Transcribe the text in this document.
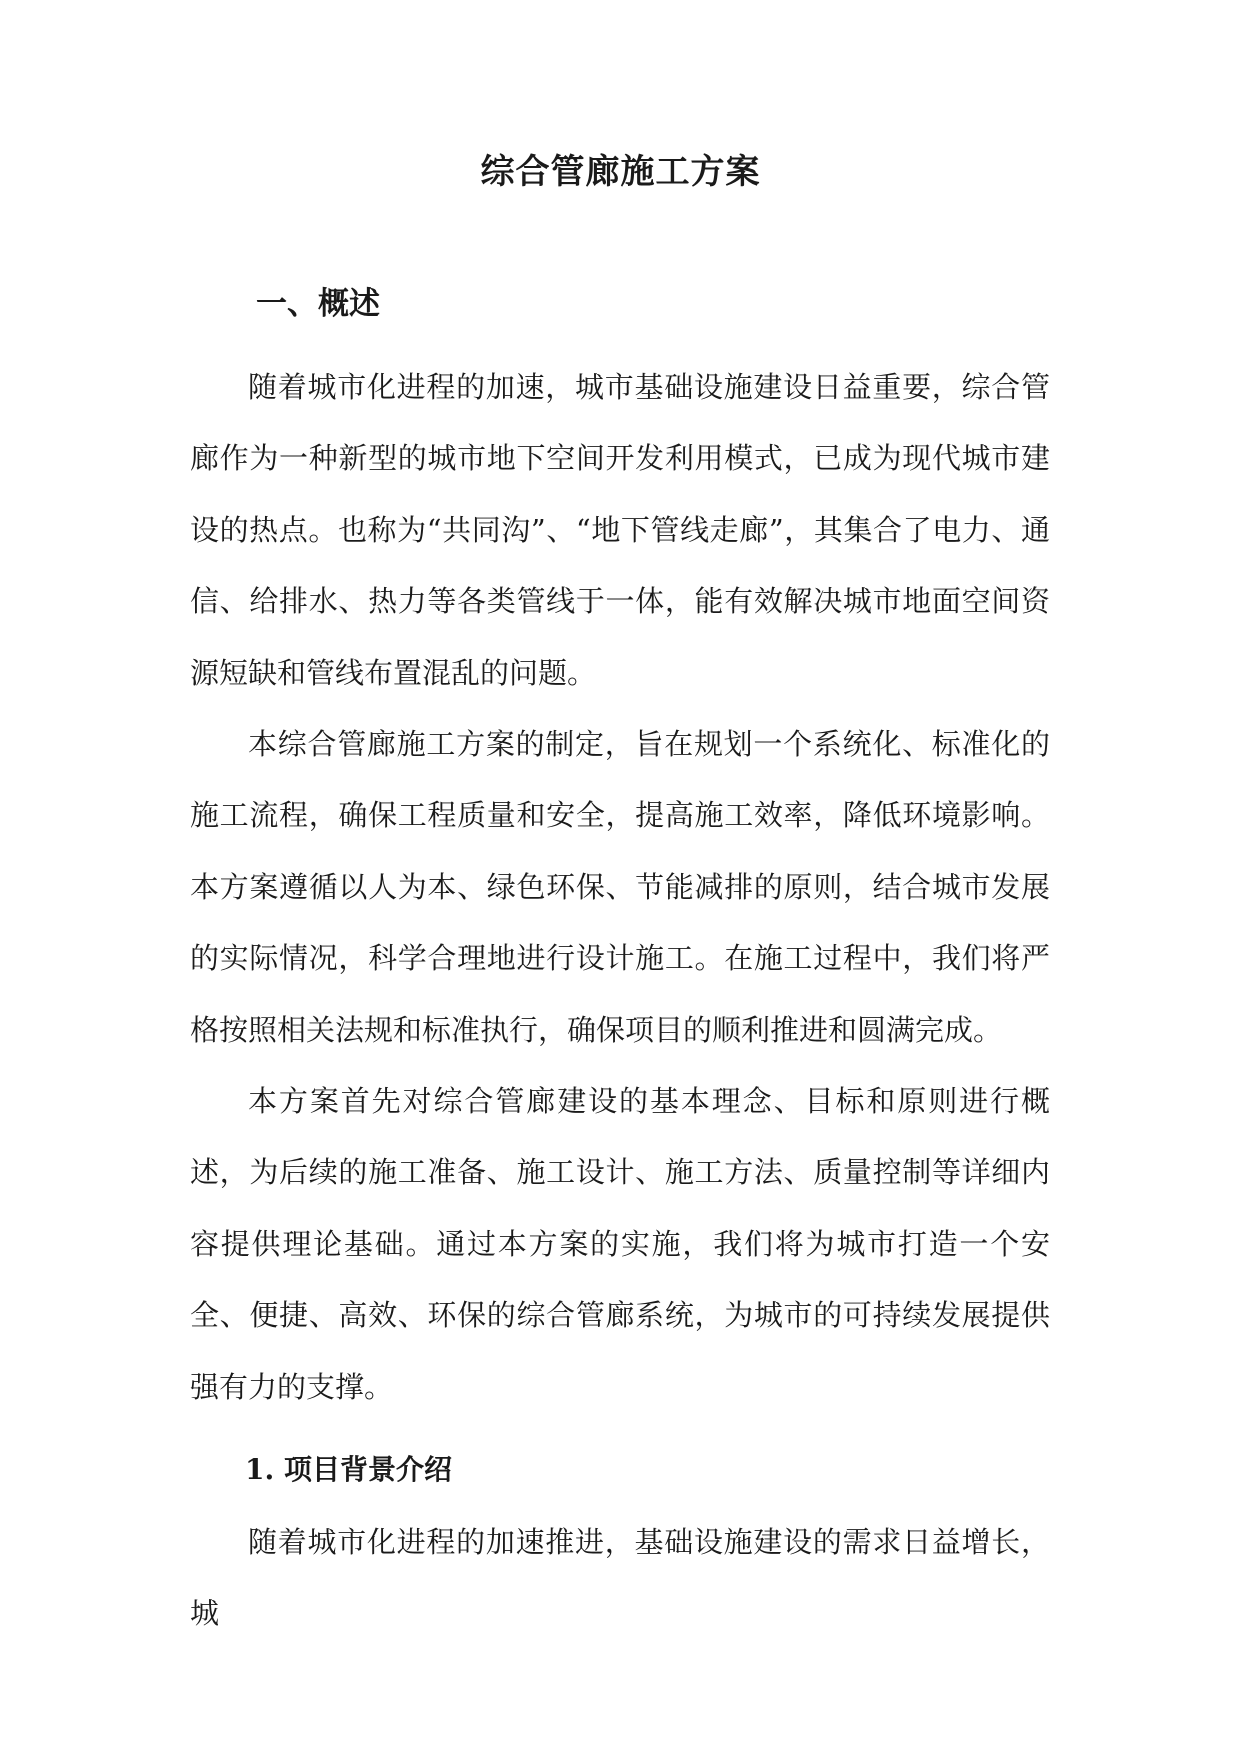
综合管廊施工方案
一、概述

随着城市化进程的加速，城市基础设施建设日益重要，综合管廊作为一种新型的城市地下空间开发利用模式，已成为现代城市建设的热点。也称为“共同沟”、“地下管线走廊”，其集合了电力、通信、给排水、热力等各类管线于一体，能有效解决城市地面空间资源短缺和管线布置混乱的问题。

本综合管廊施工方案的制定，旨在规划一个系统化、标准化的施工流程，确保工程质量和安全，提高施工效率，降低环境影响。本方案遵循以人为本、绿色环保、节能减排的原则，结合城市发展的实际情况，科学合理地进行设计施工。在施工过程中，我们将严格按照相关法规和标准执行，确保项目的顺利推进和圆满完成。

本方案首先对综合管廊建设的基本理念、目标和原则进行概述，为后续的施工准备、施工设计、施工方法、质量控制等详细内容提供理论基础。通过本方案的实施，我们将为城市打造一个安全、便捷、高效、环保的综合管廊系统，为城市的可持续发展提供强有力的支撑。

1. 项目背景介绍

随着城市化进程的加速推进，基础设施建设的需求日益增长，城
